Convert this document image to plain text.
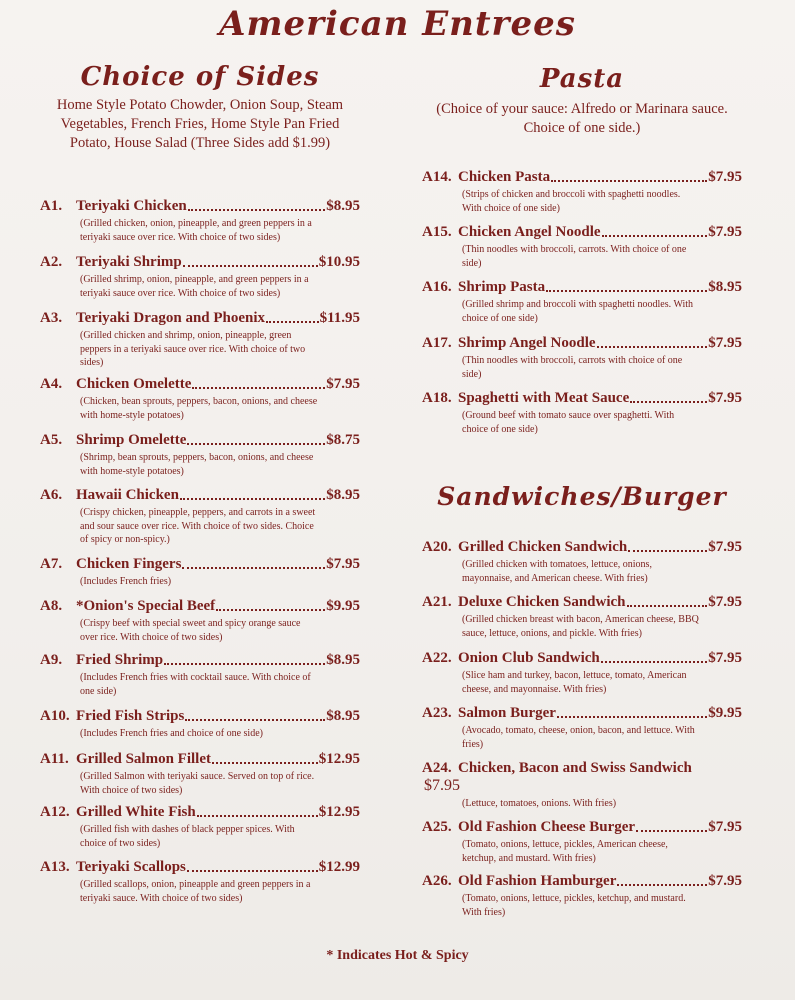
American Entrees
Choice of Sides

Home Style Potato Chowder, Onion Soup, Steam Vegetables, French Fries, Home Style Pan Fried Potato, House Salad (Three Sides add $1.99)

A1. Teriyaki Chicken	$8.95
(Grilled chicken, onion, pineapple, and green peppers in a teriyaki sauce over rice. With choice of two sides)
A2. Teriyaki Shrimp	$10.95
(Grilled shrimp, onion, pineapple, and green peppers in a teriyaki sauce over rice. With choice of two sides)
A3. Teriyaki Dragon and Phoenix	$11.95
(Grilled chicken and shrimp, onion, pineapple, green peppers in a teriyaki sauce over rice. With choice of two sides)
A4. Chicken Omelette	$7.95
(Chicken, bean sprouts, peppers, bacon, onions, and cheese with home-style potatoes)
A5. Shrimp Omelette	$8.75
(Shrimp, bean sprouts, peppers, bacon, onions, and cheese with home-style potatoes)
A6. Hawaii Chicken	$8.95
(Crispy chicken, pineapple, peppers, and carrots in a sweet and sour sauce over rice. With choice of two sides. Choice of spicy or non-spicy.)
A7. Chicken Fingers	$7.95
(Includes French fries)
A8. *Onion's Special Beef	$9.95
(Crispy beef with special sweet and spicy orange sauce over rice. With choice of two sides)
A9. Fried Shrimp	$8.95
(Includes French fries with cocktail sauce. With choice of one side)
A10. Fried Fish Strips	$8.95
(Includes French fries and choice of one side)
A11. Grilled Salmon Fillet	$12.95
(Grilled Salmon with teriyaki sauce. Served on top of rice. With choice of two sides)
A12. Grilled White Fish	$12.95
(Grilled fish with dashes of black pepper spices. With choice of two sides)
A13. Teriyaki Scallops	$12.99
(Grilled scallops, onion, pineapple and green peppers in a teriyaki sauce. With choice of two sides)
Pasta

(Choice of your sauce: Alfredo or Marinara sauce. Choice of one side.)

A14. Chicken Pasta	$7.95
(Strips of chicken and broccoli with spaghetti noodles. With choice of one side)
A15. Chicken Angel Noodle	$7.95
(Thin noodles with broccoli, carrots. With choice of one side)
A16. Shrimp Pasta	$8.95
(Grilled shrimp and broccoli with spaghetti noodles. With choice of one side)
A17. Shrimp Angel Noodle	$7.95
(Thin noodles with broccoli, carrots with choice of one side)
A18. Spaghetti with Meat Sauce	$7.95
(Ground beef with tomato sauce over spaghetti. With choice of one side)
Sandwiches/Burger
A20. Grilled Chicken Sandwich	$7.95
(Grilled chicken with tomatoes, lettuce, onions, mayonnaise, and American cheese. With fries)
A21. Deluxe Chicken Sandwich	$7.95
(Grilled chicken breast with bacon, American cheese, BBQ sauce, lettuce, onions, and pickle. With fries)
A22. Onion Club Sandwich	$7.95
(Slice ham and turkey, bacon, lettuce, tomato, American cheese, and mayonnaise. With fries)
A23. Salmon Burger	$9.95
(Avocado, tomato, cheese, onion, bacon, and lettuce. With fries)
A24. Chicken, Bacon and Swiss Sandwich
$7.95
(Lettuce, tomatoes, onions. With fries)
A25. Old Fashion Cheese Burger	$7.95
(Tomato, onions, lettuce, pickles, American cheese, ketchup, and mustard. With fries)
A26. Old Fashion Hamburger	$7.95
(Tomato, onions, lettuce, pickles, ketchup, and mustard. With fries)
* Indicates Hot & Spicy
